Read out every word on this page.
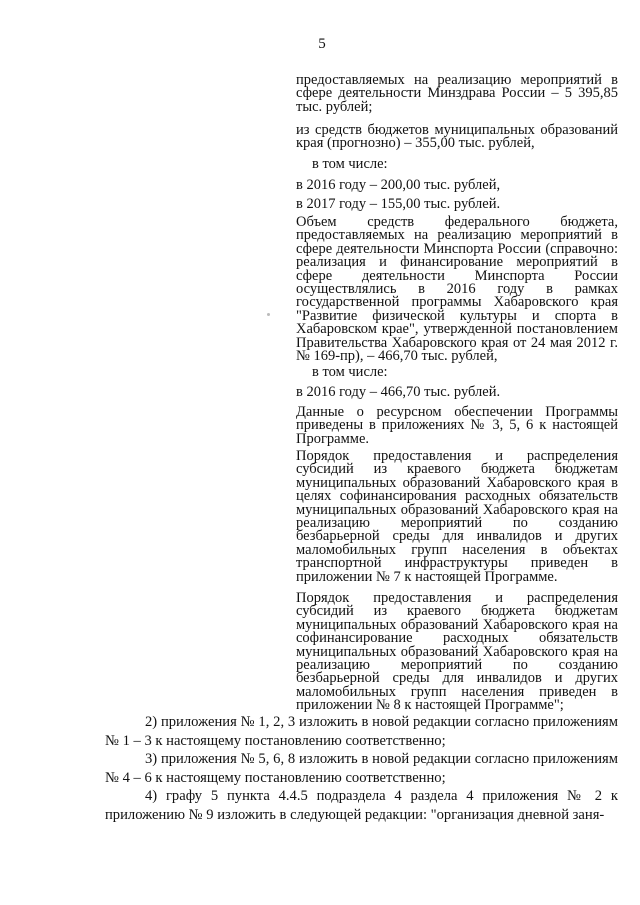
5

предоставляемых на реализацию мероприятий в сфере деятельности Минздрава России – 5 395,85 тыс. рублей;

из средств бюджетов муниципальных образований края (прогнозно) – 355,00 тыс. рублей,

в том числе:

в 2016 году – 200,00 тыс. рублей,

в 2017 году – 155,00 тыс. рублей.

Объем средств федерального бюджета, предоставляемых на реализацию мероприятий в сфере деятельности Минспорта России (справочно: реализация и финансирование мероприятий в сфере деятельности Минспорта России осуществлялись в 2016 году в рамках государственной программы Хабаровского края "Развитие физической культуры и спорта в Хабаровском крае", утвержденной постановлением Правительства Хабаровского края от 24 мая 2012 г. № 169-пр), – 466,70 тыс. рублей,

в том числе:

в 2016 году – 466,70 тыс. рублей.

Данные о ресурсном обеспечении Программы приведены в приложениях № 3, 5, 6 к настоящей Программе.

Порядок предоставления и распределения субсидий из краевого бюджета бюджетам муниципальных образований Хабаровского края в целях софинансирования расходных обязательств муниципальных образований Хабаровского края на реализацию мероприятий по созданию безбарьерной среды для инвалидов и других маломобильных групп населения в объектах транспортной инфраструктуры приведен в приложении № 7 к настоящей Программе.

Порядок предоставления и распределения субсидий из краевого бюджета бюджетам муниципальных образований Хабаровского края на софинансирование расходных обязательств муниципальных образований Хабаровского края на реализацию мероприятий по созданию безбарьерной среды для инвалидов и других маломобильных групп населения приведен в приложении № 8 к настоящей Программе";

2) приложения № 1, 2, 3 изложить в новой редакции согласно приложениям № 1 – 3 к настоящему постановлению соответственно;

3) приложения № 5, 6, 8 изложить в новой редакции согласно приложениям № 4 – 6 к настоящему постановлению соответственно;

4) графу 5 пункта 4.4.5 подраздела 4 раздела 4 приложения № 2 к приложению № 9 изложить в следующей редакции: "организация дневной заня-
